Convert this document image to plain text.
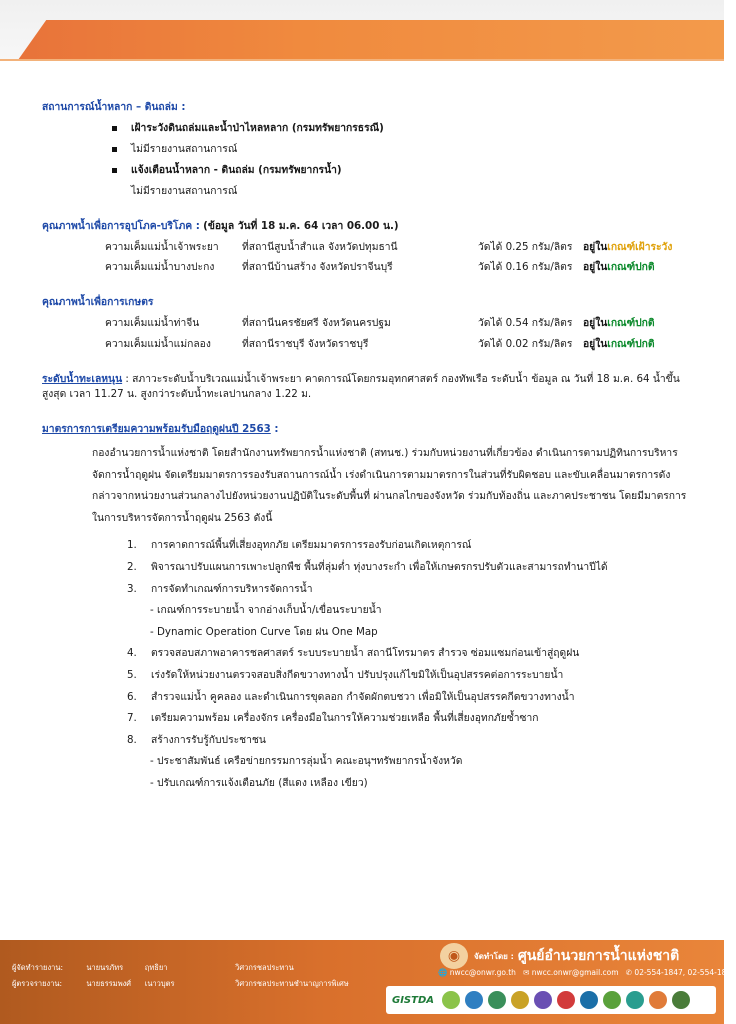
สถานการณ์น้ำหลาก – ดินถล่ม :
เฝ้าระวังดินถล่มและน้ำป่าไหลหลาก (กรมทรัพยากรธรณี)
ไม่มีรายงานสถานการณ์
แจ้งเตือนน้ำหลาก - ดินถล่ม (กรมทรัพยากรน้ำ)
ไม่มีรายงานสถานการณ์
คุณภาพน้ำเพื่อการอุปโภค-บริโภค : (ข้อมูล วันที่ 18 ม.ค. 64 เวลา 06.00 น.)
ความเค็มแม่น้ำเจ้าพระยา	ที่สถานีสูบน้ำสำแล จังหวัดปทุมธานี	วัดได้ 0.25 กรัม/ลิตร	อยู่ในเกณฑ์เฝ้าระวัง
ความเค็มแม่น้ำบางปะกง	ที่สถานีบ้านสร้าง จังหวัดปราจีนบุรี	วัดได้ 0.16 กรัม/ลิตร	อยู่ในเกณฑ์ปกติ
คุณภาพน้ำเพื่อการเกษตร
ความเค็มแม่น้ำท่าจีน	ที่สถานีนครชัยศรี จังหวัดนครปฐม	วัดได้ 0.54 กรัม/ลิตร	อยู่ในเกณฑ์ปกติ
ความเค็มแม่น้ำแม่กลอง	ที่สถานีราชบุรี จังหวัดราชบุรี	วัดได้ 0.02 กรัม/ลิตร	อยู่ในเกณฑ์ปกติ
ระดับน้ำทะเลหนุน : สภาวะระดับน้ำบริเวณแม่น้ำเจ้าพระยา คาดการณ์โดยกรมอุทกศาสตร์ กองทัพเรือ ระดับน้ำ ข้อมูล ณ วันที่ 18 ม.ค. 64 น้ำขึ้นสูงสุด เวลา 11.27 น. สูงกว่าระดับน้ำทะเลปานกลาง 1.22 ม.
มาตรการการเตรียมความพร้อมรับมือฤดูฝนปี 2563 :
กองอำนวยการน้ำแห่งชาติ โดยสำนักงานทรัพยากรน้ำแห่งชาติ (สทนช.) ร่วมกับหน่วยงานที่เกี่ยวข้อง ดำเนินการตามปฏิทินการบริหารจัดการน้ำฤดูฝน จัดเตรียมมาตรการรองรับสถานการณ์น้ำ เร่งดำเนินการตามมาตรการในส่วนที่รับผิดชอบ และขับเคลื่อนมาตรการดังกล่าวจากหน่วยงานส่วนกลางไปยังหน่วยงานปฏิบัติในระดับพื้นที่ ผ่านกลไกของจังหวัด ร่วมกับท้องถิ่น และภาคประชาชน โดยมีมาตรการในการบริหารจัดการน้ำฤดูฝน 2563 ดังนี้
1.	การคาดการณ์พื้นที่เสี่ยงอุทกภัย เตรียมมาตรการรองรับก่อนเกิดเหตุการณ์
2.	พิจารณาปรับแผนการเพาะปลูกพืช พื้นที่ลุ่มต่ำ ทุ่งบางระกำ เพื่อให้เกษตรกรปรับตัวและสามารถทำนาปีได้
3.	การจัดทำเกณฑ์การบริหารจัดการน้ำ
- เกณฑ์การระบายน้ำ จากอ่างเก็บน้ำ/เขื่อนระบายน้ำ
- Dynamic Operation Curve โดย ฝน One Map
4.	ตรวจสอบสภาพอาคารชลศาสตร์ ระบบระบายน้ำ สถานีโทรมาตร สำรวจ ซ่อมแซมก่อนเข้าสู่ฤดูฝน
5.	เร่งรัดให้หน่วยงานตรวจสอบสิ่งกีดขวางทางน้ำ ปรับปรุงแก้ไขมิให้เป็นอุปสรรคต่อการระบายน้ำ
6.	สำรวจแม่น้ำ คูคลอง และดำเนินการขุดลอก กำจัดผักตบชวา เพื่อมิให้เป็นอุปสรรคกีดขวางทางน้ำ
7.	เตรียมความพร้อม เครื่องจักร เครื่องมือในการให้ความช่วยเหลือ พื้นที่เสี่ยงอุทกภัยซ้ำซาก
8.	สร้างการรับรู้กับประชาชน
- ประชาสัมพันธ์ เครือข่ายกรรมการลุ่มน้ำ คณะอนุฯทรัพยากรน้ำจังหวัด
- ปรับเกณฑ์การแจ้งเตือนภัย (สีแดง เหลือง เขียว)
ผู้จัดทำรายงาน:	นายนรภัทร	ฤทธิยา	วิศวกรชลประทาน
ผู้ตรวจรายงาน:	นายธรรมพงศ์ เนาวบุตร	วิศวกรชลประทานชำนาญการพิเศษ
◉	จัดทำโดย : ศูนย์อำนวยการน้ำแห่งชาติ
🌐 nwcc@onwr.go.th ✉ nwcc.onwr@gmail.com ✆ 02-554-1847, 02-554-1800
GISTDA
